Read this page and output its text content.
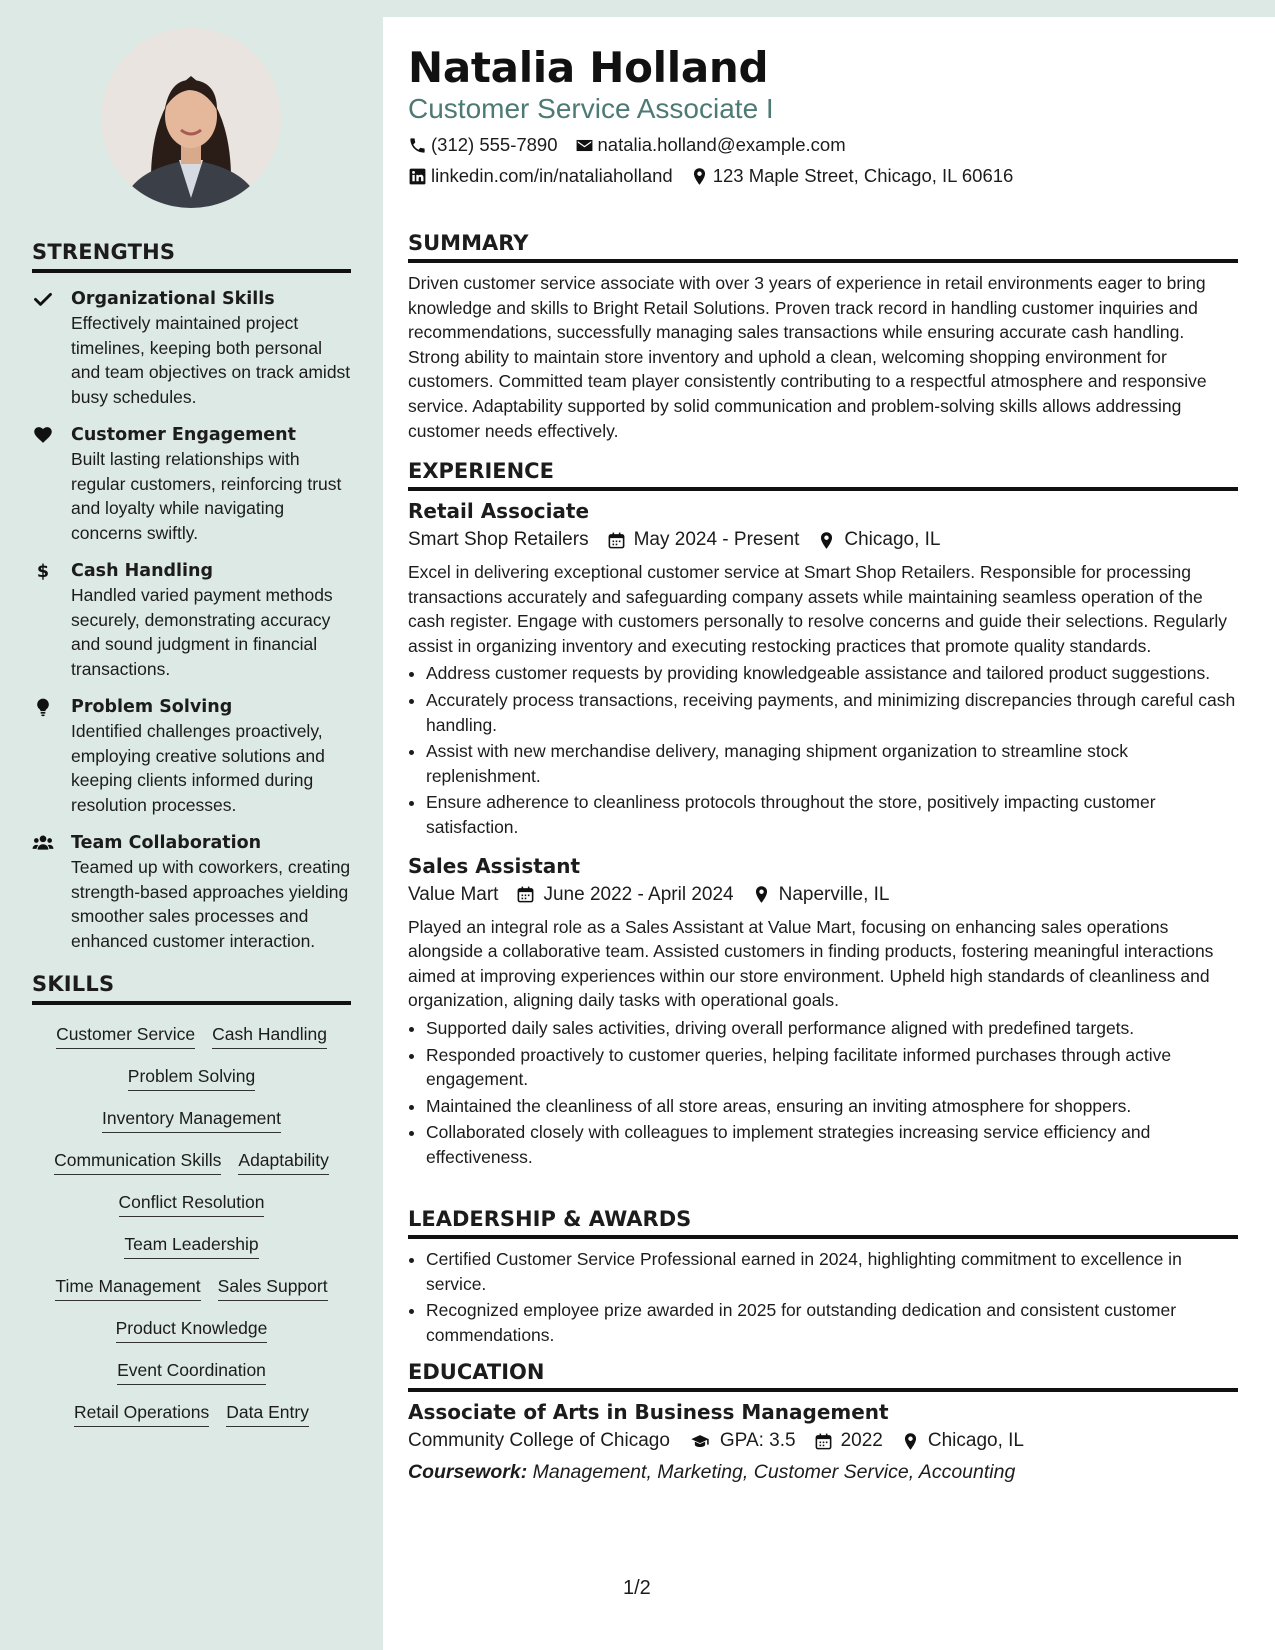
STRENGTHS
Organizational Skills
Effectively maintained project timelines, keeping both personal and team objectives on track amidst busy schedules.
Customer Engagement
Built lasting relationships with regular customers, reinforcing trust and loyalty while navigating concerns swiftly.
$ Cash Handling
Handled varied payment methods securely, demonstrating accuracy and sound judgment in financial transactions.
Problem Solving
Identified challenges proactively, employing creative solutions and keeping clients informed during resolution processes.
Team Collaboration
Teamed up with coworkers, creating strength-based approaches yielding smoother sales processes and enhanced customer interaction.
SKILLS
Customer Service Cash Handling
Problem Solving
Inventory Management
Communication Skills Adaptability
Conflict Resolution
Team Leadership
Time Management Sales Support
Product Knowledge
Event Coordination
Retail Operations Data Entry
Natalia Holland
Customer Service Associate I
(312) 555-7890 natalia.holland@example.com
linkedin.com/in/nataliaholland 123 Maple Street, Chicago, IL 60616
SUMMARY

Driven customer service associate with over 3 years of experience in retail environments eager to bring knowledge and skills to Bright Retail Solutions. Proven track record in handling customer inquiries and recommendations, successfully managing sales transactions while ensuring accurate cash handling. Strong ability to maintain store inventory and uphold a clean, welcoming shopping environment for customers. Committed team player consistently contributing to a respectful atmosphere and responsive service. Adaptability supported by solid communication and problem-solving skills allows addressing customer needs effectively.

EXPERIENCE
Retail Associate
Smart Shop Retailers May 2024 - Present Chicago, IL

Excel in delivering exceptional customer service at Smart Shop Retailers. Responsible for processing transactions accurately and safeguarding company assets while maintaining seamless operation of the cash register. Engage with customers personally to resolve concerns and guide their selections. Regularly assist in organizing inventory and executing restocking practices that promote quality standards.

• Address customer requests by providing knowledgeable assistance and tailored product suggestions.
• Accurately process transactions, receiving payments, and minimizing discrepancies through careful cash handling.
• Assist with new merchandise delivery, managing shipment organization to streamline stock replenishment.
• Ensure adherence to cleanliness protocols throughout the store, positively impacting customer satisfaction.
Sales Assistant
Value Mart June 2022 - April 2024 Naperville, IL

Played an integral role as a Sales Assistant at Value Mart, focusing on enhancing sales operations alongside a collaborative team. Assisted customers in finding products, fostering meaningful interactions aimed at improving experiences within our store environment. Upheld high standards of cleanliness and organization, aligning daily tasks with operational goals.

• Supported daily sales activities, driving overall performance aligned with predefined targets.
• Responded proactively to customer queries, helping facilitate informed purchases through active engagement.
• Maintained the cleanliness of all store areas, ensuring an inviting atmosphere for shoppers.
• Collaborated closely with colleagues to implement strategies increasing service efficiency and effectiveness.
LEADERSHIP & AWARDS
• Certified Customer Service Professional earned in 2024, highlighting commitment to excellence in service.
• Recognized employee prize awarded in 2025 for outstanding dedication and consistent customer commendations.
EDUCATION
Associate of Arts in Business Management
Community College of Chicago	GPA: 3.5 2022 Chicago, IL
Coursework: Management, Marketing, Customer Service, Accounting
1/2
